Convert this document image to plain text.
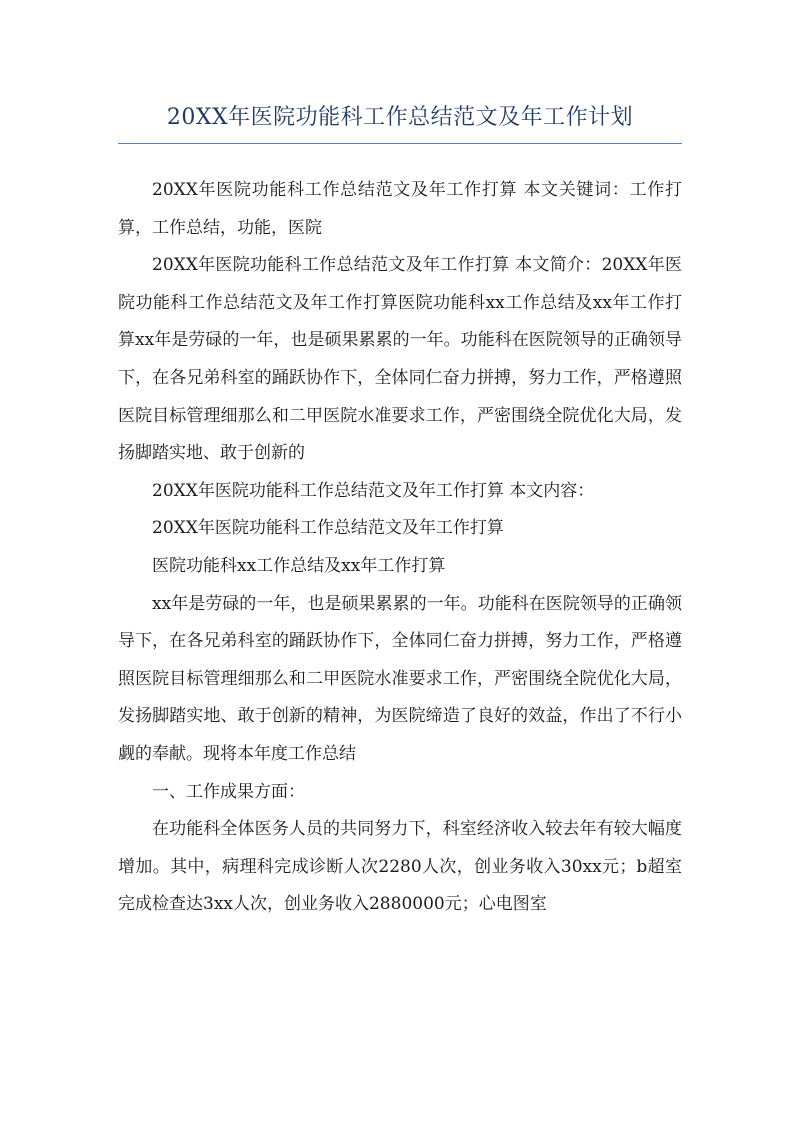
20XX年医院功能科工作总结范文及年工作计划

20XX年医院功能科工作总结范文及年工作打算 本文关键词：工作打算，工作总结，功能，医院

20XX年医院功能科工作总结范文及年工作打算 本文简介：20XX年医院功能科工作总结范文及年工作打算医院功能科xx工作总结及xx年工作打算xx年是劳碌的一年，也是硕果累累的一年。功能科在医院领导的正确领导下，在各兄弟科室的踊跃协作下，全体同仁奋力拼搏，努力工作，严格遵照医院目标管理细那么和二甲医院水准要求工作，严密围绕全院优化大局，发扬脚踏实地、敢于创新的

20XX年医院功能科工作总结范文及年工作打算 本文内容：

20XX年医院功能科工作总结范文及年工作打算

医院功能科xx工作总结及xx年工作打算

xx年是劳碌的一年，也是硕果累累的一年。功能科在医院领导的正确领导下，在各兄弟科室的踊跃协作下，全体同仁奋力拼搏，努力工作，严格遵照医院目标管理细那么和二甲医院水准要求工作，严密围绕全院优化大局，发扬脚踏实地、敢于创新的精神，为医院缔造了良好的效益，作出了不行小觑的奉献。现将本年度工作总结

一、工作成果方面：

在功能科全体医务人员的共同努力下，科室经济收入较去年有较大幅度增加。其中，病理科完成诊断人次2280人次，创业务收入30xx元；b超室完成检查达3xx人次，创业务收入2880000元；心电图室
